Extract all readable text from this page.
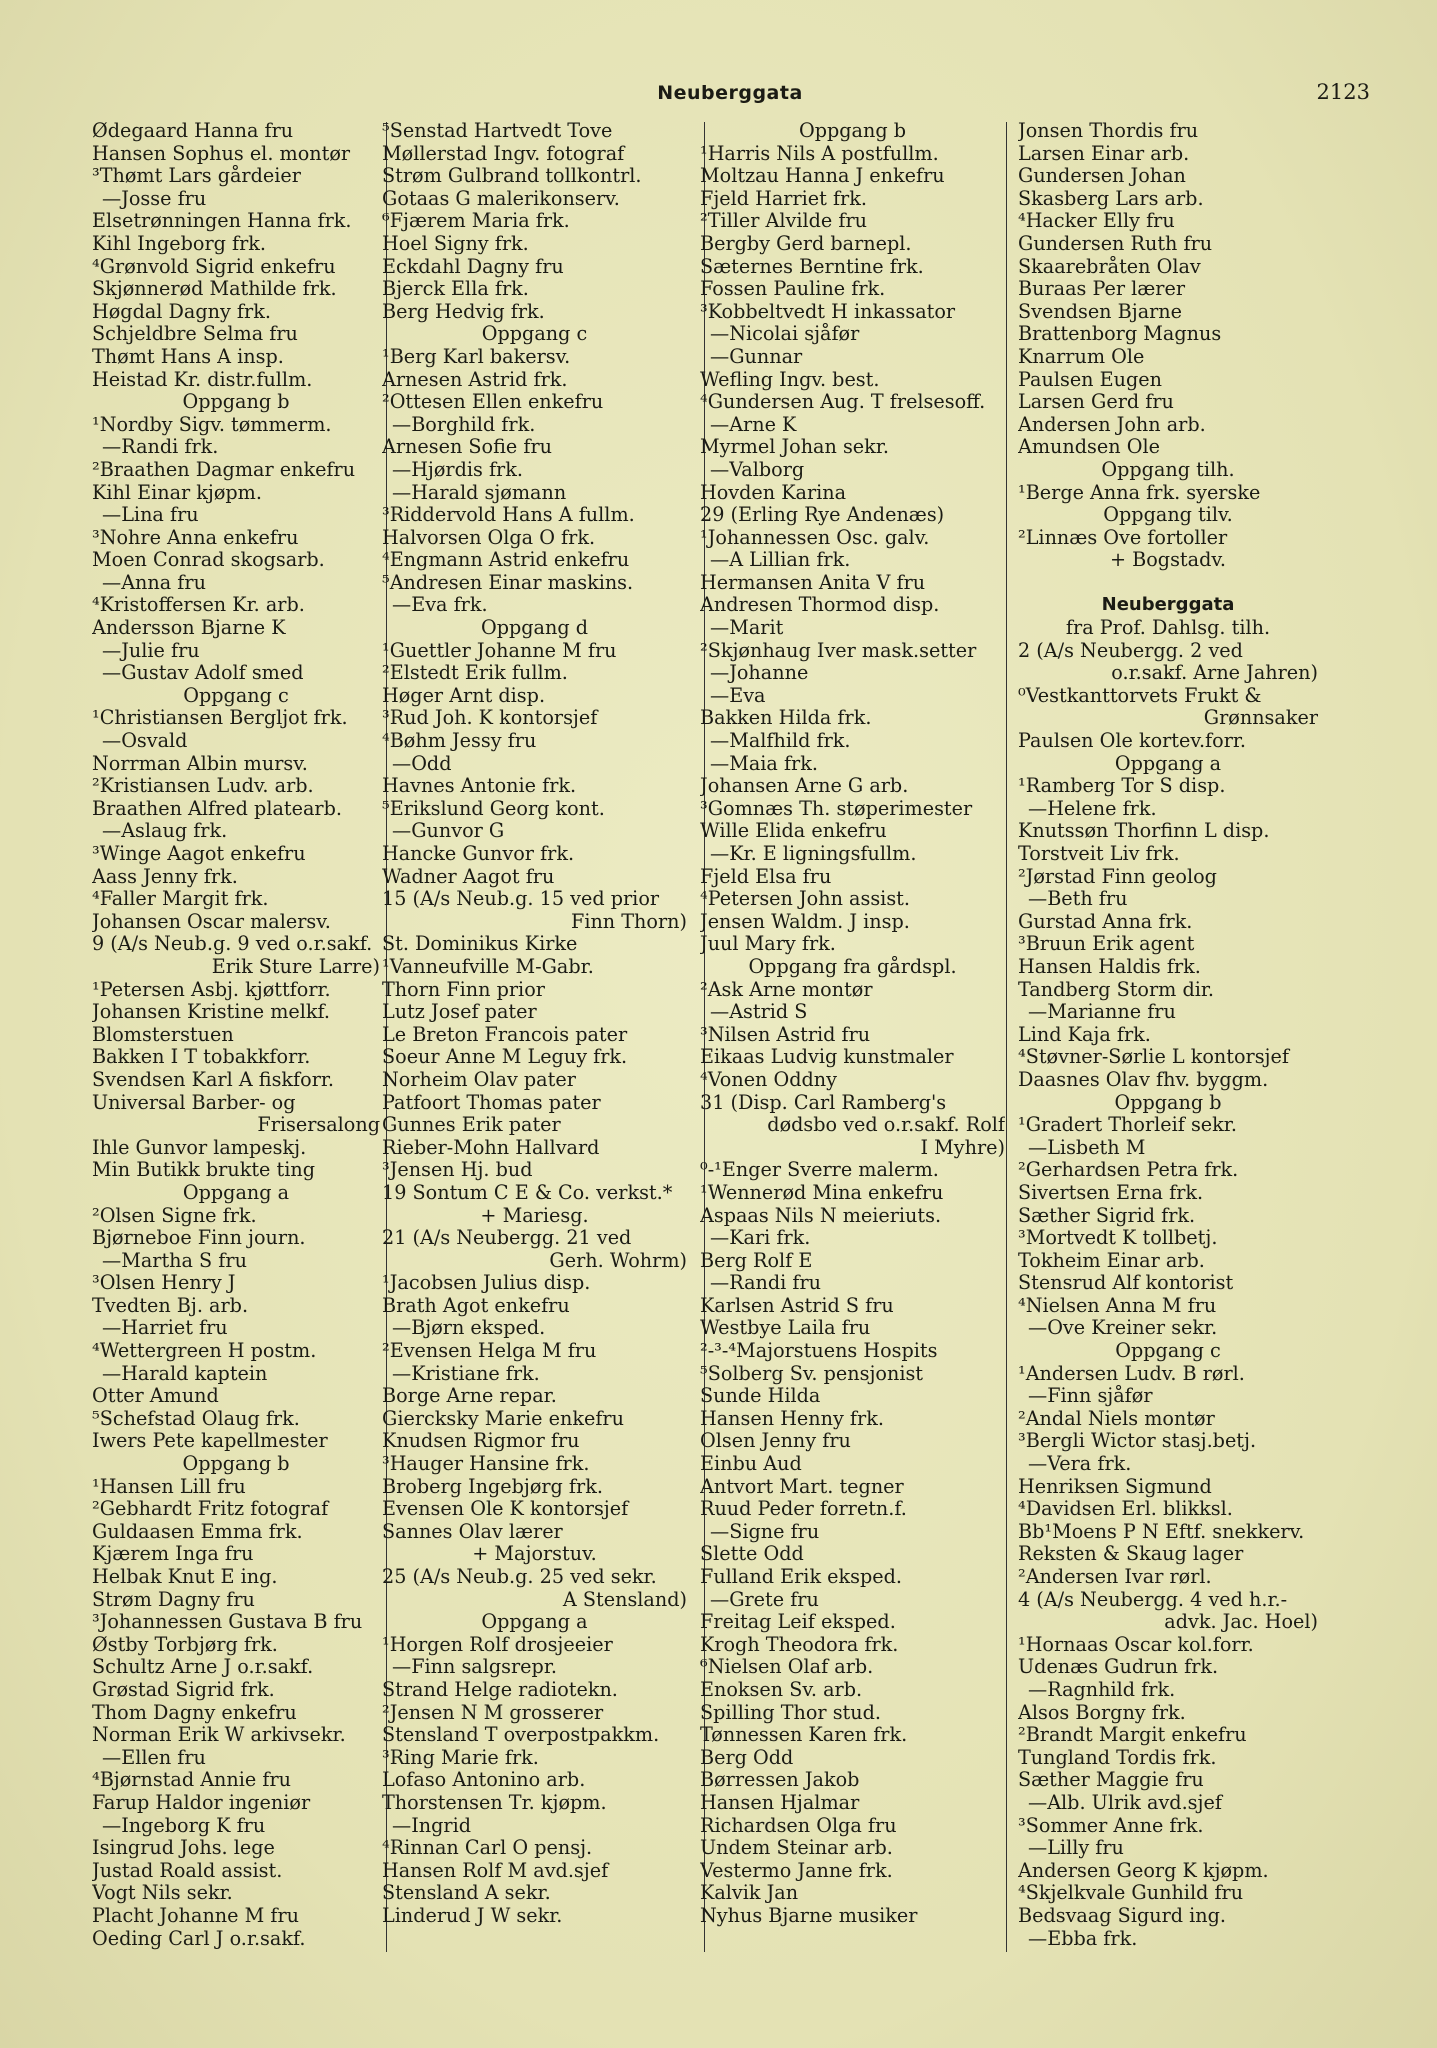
Neuberggata	2123
Ødegaard Hanna fru
Hansen Sophus el. montør
³Thømt Lars gårdeier
—Josse fru
Elsetrønningen Hanna frk.
Kihl Ingeborg frk.
⁴Grønvold Sigrid enkefru
Skjønnerød Mathilde frk.
Høgdal Dagny frk.
Schjeldbre Selma fru
Thømt Hans A insp.
Heistad Kr. distr.fullm.
Oppgang b
¹Nordby Sigv. tømmerm.
—Randi frk.
²Braathen Dagmar enkefru
Kihl Einar kjøpm.
—Lina fru
³Nohre Anna enkefru
Moen Conrad skogsarb.
—Anna fru
⁴Kristoffersen Kr. arb.
Andersson Bjarne K
—Julie fru
—Gustav Adolf smed
Oppgang c
¹Christiansen Bergljot frk.
—Osvald
Norrman Albin mursv.
²Kristiansen Ludv. arb.
Braathen Alfred platearb.
—Aslaug frk.
³Winge Aagot enkefru
Aass Jenny frk.
⁴Faller Margit frk.
Johansen Oscar malersv.
9 (A/s Neub.g. 9 ved o.r.sakf.
Erik Sture Larre)
¹Petersen Asbj. kjøttforr.
Johansen Kristine melkf.
Blomsterstuen
Bakken I T tobakkforr.
Svendsen Karl A fiskforr.
Universal Barber- og
Frisersalong
Ihle Gunvor lampeskj.
Min Butikk brukte ting
Oppgang a
²Olsen Signe frk.
Bjørneboe Finn journ.
—Martha S fru
³Olsen Henry J
Tvedten Bj. arb.
—Harriet fru
⁴Wettergreen H postm.
—Harald kaptein
Otter Amund
⁵Schefstad Olaug frk.
Iwers Pete kapellmester
Oppgang b
¹Hansen Lill fru
²Gebhardt Fritz fotograf
Guldaasen Emma frk.
Kjærem Inga fru
Helbak Knut E ing.
Strøm Dagny fru
³Johannessen Gustava B fru
Østby Torbjørg frk.
Schultz Arne J o.r.sakf.
Grøstad Sigrid frk.
Thom Dagny enkefru
Norman Erik W arkivsekr.
—Ellen fru
⁴Bjørnstad Annie fru
Farup Haldor ingeniør
—Ingeborg K fru
Isingrud Johs. lege
Justad Roald assist.
Vogt Nils sekr.
Placht Johanne M fru
Oeding Carl J o.r.sakf.
⁵Senstad Hartvedt Tove
Møllerstad Ingv. fotograf
Strøm Gulbrand tollkontrl.
Gotaas G malerikonserv.
⁶Fjærem Maria frk.
Hoel Signy frk.
Eckdahl Dagny fru
Bjerck Ella frk.
Berg Hedvig frk.
Oppgang c
¹Berg Karl bakersv.
Arnesen Astrid frk.
²Ottesen Ellen enkefru
—Borghild frk.
Arnesen Sofie fru
—Hjørdis frk.
—Harald sjømann
³Riddervold Hans A fullm.
Halvorsen Olga O frk.
⁴Engmann Astrid enkefru
⁵Andresen Einar maskins.
—Eva frk.
Oppgang d
¹Guettler Johanne M fru
²Elstedt Erik fullm.
Høger Arnt disp.
³Rud Joh. K kontorsjef
⁴Bøhm Jessy fru
—Odd
Havnes Antonie frk.
⁵Erikslund Georg kont.
—Gunvor G
Hancke Gunvor frk.
Wadner Aagot fru
15 (A/s Neub.g. 15 ved prior
Finn Thorn)
St. Dominikus Kirke
¹Vanneufville M-Gabr.
Thorn Finn prior
Lutz Josef pater
Le Breton Francois pater
Soeur Anne M Leguy frk.
Norheim Olav pater
Patfoort Thomas pater
Gunnes Erik pater
Rieber-Mohn Hallvard
³Jensen Hj. bud
19 Sontum C E & Co. verkst.*
+ Mariesg.
21 (A/s Neubergg. 21 ved
Gerh. Wohrm)
¹Jacobsen Julius disp.
Brath Agot enkefru
—Bjørn eksped.
²Evensen Helga M fru
—Kristiane frk.
Borge Arne repar.
Giercksky Marie enkefru
Knudsen Rigmor fru
³Hauger Hansine frk.
Broberg Ingebjørg frk.
Evensen Ole K kontorsjef
Sannes Olav lærer
+ Majorstuv.
25 (A/s Neub.g. 25 ved sekr.
A Stensland)
Oppgang a
¹Horgen Rolf drosjeeier
—Finn salgsrepr.
Strand Helge radiotekn.
²Jensen N M grosserer
Stensland T overpostpakkm.
³Ring Marie frk.
Lofaso Antonino arb.
Thorstensen Tr. kjøpm.
—Ingrid
⁴Rinnan Carl O pensj.
Hansen Rolf M avd.sjef
Stensland A sekr.
Linderud J W sekr.
Oppgang b
¹Harris Nils A postfullm.
Moltzau Hanna J enkefru
Fjeld Harriet frk.
²Tiller Alvilde fru
Bergby Gerd barnepl.
Sæternes Berntine frk.
Fossen Pauline frk.
³Kobbeltvedt H inkassator
—Nicolai sjåfør
—Gunnar
Wefling Ingv. best.
⁴Gundersen Aug. T frelsesoff.
—Arne K
Myrmel Johan sekr.
—Valborg
Hovden Karina
29 (Erling Rye Andenæs)
¹Johannessen Osc. galv.
—A Lillian frk.
Hermansen Anita V fru
Andresen Thormod disp.
—Marit
²Skjønhaug Iver mask.setter
—Johanne
—Eva
Bakken Hilda frk.
—Malfhild frk.
—Maia frk.
Johansen Arne G arb.
³Gomnæs Th. støperimester
Wille Elida enkefru
—Kr. E ligningsfullm.
Fjeld Elsa fru
⁴Petersen John assist.
Jensen Waldm. J insp.
Juul Mary frk.
Oppgang fra gårdspl.
²Ask Arne montør
—Astrid S
³Nilsen Astrid fru
Eikaas Ludvig kunstmaler
⁴Vonen Oddny
31 (Disp. Carl Ramberg's
dødsbo ved o.r.sakf. Rolf
I Myhre)
⁰-¹Enger Sverre malerm.
¹Wennerød Mina enkefru
Aspaas Nils N meieriuts.
—Kari frk.
Berg Rolf E
—Randi fru
Karlsen Astrid S fru
Westbye Laila fru
²-³-⁴Majorstuens Hospits
⁵Solberg Sv. pensjonist
Sunde Hilda
Hansen Henny frk.
Olsen Jenny fru
Einbu Aud
Antvort Mart. tegner
Ruud Peder forretn.f.
—Signe fru
Slette Odd
Fulland Erik eksped.
—Grete fru
Freitag Leif eksped.
Krogh Theodora frk.
⁶Nielsen Olaf arb.
Enoksen Sv. arb.
Spilling Thor stud.
Tønnessen Karen frk.
Berg Odd
Børressen Jakob
Hansen Hjalmar
Richardsen Olga fru
Undem Steinar arb.
Vestermo Janne frk.
Kalvik Jan
Nyhus Bjarne musiker
Jonsen Thordis fru
Larsen Einar arb.
Gundersen Johan
Skasberg Lars arb.
⁴Hacker Elly fru
Gundersen Ruth fru
Skaarebråten Olav
Buraas Per lærer
Svendsen Bjarne
Brattenborg Magnus
Knarrum Ole
Paulsen Eugen
Larsen Gerd fru
Andersen John arb.
Amundsen Ole
Oppgang tilh.
¹Berge Anna frk. syerske
Oppgang tilv.
²Linnæs Ove fortoller
+ Bogstadv.
Neuberggata
fra Prof. Dahlsg. tilh.
2 (A/s Neubergg. 2 ved
o.r.sakf. Arne Jahren)
⁰Vestkanttorvets Frukt &
Grønnsaker
Paulsen Ole kortev.forr.
Oppgang a
¹Ramberg Tor S disp.
—Helene frk.
Knutssøn Thorfinn L disp.
Torstveit Liv frk.
²Jørstad Finn geolog
—Beth fru
Gurstad Anna frk.
³Bruun Erik agent
Hansen Haldis frk.
Tandberg Storm dir.
—Marianne fru
Lind Kaja frk.
⁴Støvner-Sørlie L kontorsjef
Daasnes Olav fhv. byggm.
Oppgang b
¹Gradert Thorleif sekr.
—Lisbeth M
²Gerhardsen Petra frk.
Sivertsen Erna frk.
Sæther Sigrid frk.
³Mortvedt K tollbetj.
Tokheim Einar arb.
Stensrud Alf kontorist
⁴Nielsen Anna M fru
—Ove Kreiner sekr.
Oppgang c
¹Andersen Ludv. B rørl.
—Finn sjåfør
²Andal Niels montør
³Bergli Wictor stasj.betj.
—Vera frk.
Henriksen Sigmund
⁴Davidsen Erl. blikksl.
Bb¹Moens P N Eftf. snekkerv.
Reksten & Skaug lager
²Andersen Ivar rørl.
4 (A/s Neubergg. 4 ved h.r.-
advk. Jac. Hoel)
¹Hornaas Oscar kol.forr.
Udenæs Gudrun frk.
—Ragnhild frk.
Alsos Borgny frk.
²Brandt Margit enkefru
Tungland Tordis frk.
Sæther Maggie fru
—Alb. Ulrik avd.sjef
³Sommer Anne frk.
—Lilly fru
Andersen Georg K kjøpm.
⁴Skjelkvale Gunhild fru
Bedsvaag Sigurd ing.
—Ebba frk.
